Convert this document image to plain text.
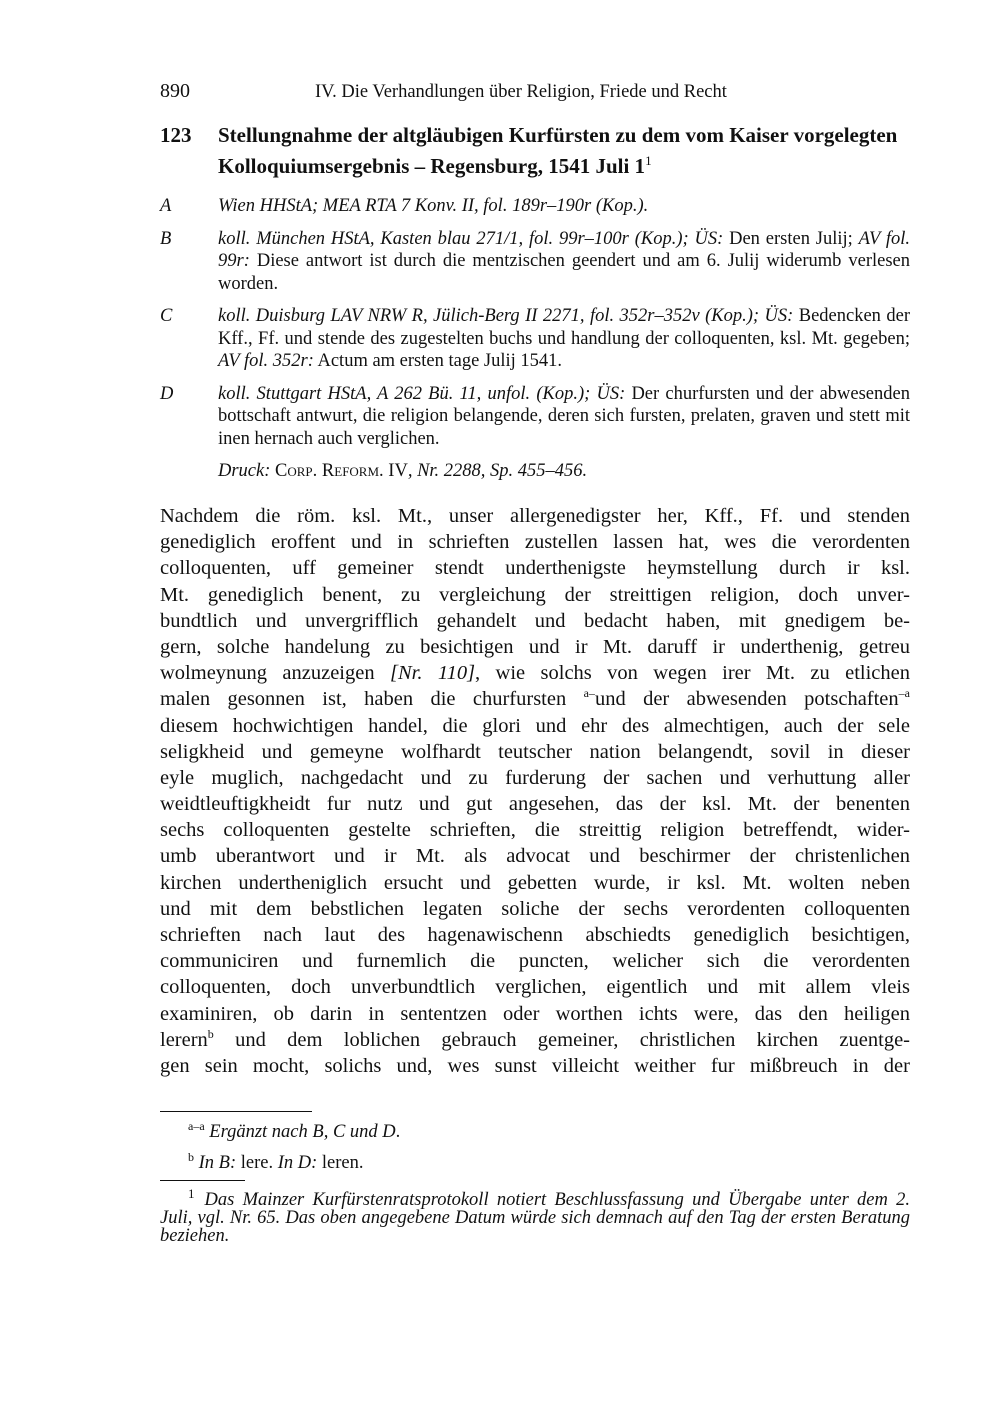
890	IV. Die Verhandlungen über Religion, Friede und Recht
123 Stellungnahme der altgläubigen Kurfürsten zu dem vom Kaiser vorgelegten Kolloquiumsergebnis – Regensburg, 1541 Juli $1^1$
A	Wien HHStA; MEA RTA 7 Konv. II, fol. 189r–190r (Kop.).
B	koll. München HStA, Kasten blau 271/1, fol. 99r–100r (Kop.); ÜS: Den ersten Julij; AV fol. 99r: Diese antwort ist durch die mentzischen geendert und am 6. Julij widerumb verlesen worden.
C koll. Duisburg LAV NRW R, Jülich-Berg II 2271, fol. 352r–352v (Kop.); ÜS: Bedencken der Kff., Ff. und stende des zugestelten buchs und handlung der colloquenten, ksl. Mt. gegeben; AV fol. 352r: Actum am ersten tage Julij 1541.
D koll. Stuttgart HStA, A 262 Bü. 11, unfol. (Kop.); ÜS: Der churfursten und der abwesenden bottschaft antwurt, die religion belangende, deren sich fursten, prelaten, graven und stett mit inen hernach auch verglichen.
Druck: Corp. Reform. IV, Nr. 2288, Sp. 455–456.
Nachdem die röm. ksl. Mt., unser allergenedigster her, Kff., Ff. und stenden
genediglich eroffent und in schrieften zustellen lassen hat, wes die verordenten
colloquenten, uff gemeiner stendt underthenigste heymstellung durch ir ksl.
Mt. genediglich benent, zu vergleichung der streittigen religion, doch unver-
bundtlich und unvergrifflich gehandelt und bedacht haben, mit gnedigem be-
gern, solche handelung zu besichtigen und ir Mt. daruff ir underthenig, getreu
wolmeynung anzuzeigen [Nr. 110], wie solchs von wegen irer Mt. zu etlichen
malen gesonnen ist, haben die churfursten $^{a-}$und der abwesenden potschaften$^{-a}$
diesem hochwichtigen handel, die glori und ehr des almechtigen, auch der sele
seligkheid und gemeyne wolfhardt teutscher nation belangendt, sovil in dieser
eyle muglich, nachgedacht und zu furderung der sachen und verhuttung aller
weidtleuftigkheidt fur nutz und gut angesehen, das der ksl. Mt. der benenten
sechs colloquenten gestelte schrieften, die streittig religion betreffendt, wider-
umb uberantwort und ir Mt. als advocat und beschirmer der christenlichen
kirchen undertheniglich ersucht und gebetten wurde, ir ksl. Mt. wolten neben
und mit dem bebstlichen legaten soliche der sechs verordenten colloquenten
schrieften nach laut des hagenawischenn abschiedts genediglich besichtigen,
communiciren und furnemlich die puncten, welicher sich die verordenten
colloquenten, doch unverbundtlich verglichen, eigentlich und mit allem vleis
examiniren, ob darin in sententzen oder worthen ichts were, das den heiligen
lerern$^b$ und dem loblichen gebrauch gemeiner, christlichen kirchen zuentge-
gen sein mocht, solichs und, wes sunst villeicht weither fur mißbreuch in der
$^{a-a}$ Ergänzt nach B, C und D.
$^b$ In B: lere. In D: leren.
$^1$ Das Mainzer Kurfürstenratsprotokoll notiert Beschlussfassung und Übergabe unter dem 2. Juli, vgl. Nr. 65. Das oben angegebene Datum würde sich demnach auf den Tag der ersten Beratung beziehen.
